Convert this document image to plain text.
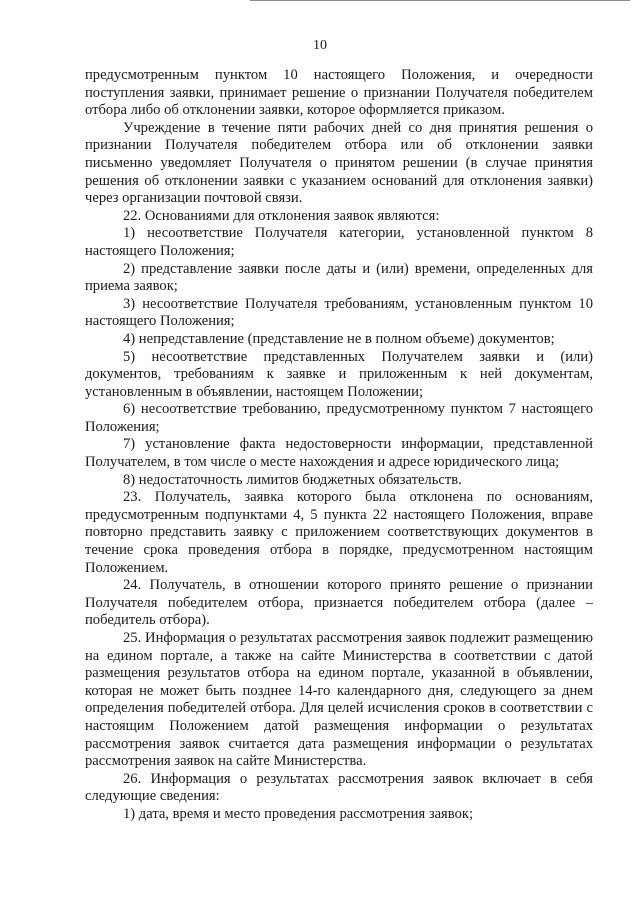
10

предусмотренным пунктом 10 настоящего Положения, и очередности поступления заявки, принимает решение о признании Получателя победителем отбора либо об отклонении заявки, которое оформляется приказом.

Учреждение в течение пяти рабочих дней со дня принятия решения о признании Получателя победителем отбора или об отклонении заявки письменно уведомляет Получателя о принятом решении (в случае принятия решения об отклонении заявки с указанием оснований для отклонения заявки) через организации почтовой связи.

22. Основаниями для отклонения заявок являются:

1) несоответствие Получателя категории, установленной пунктом 8 настоящего Положения;

2) представление заявки после даты и (или) времени, определенных для приема заявок;

3) несоответствие Получателя требованиям, установленным пунктом 10 настоящего Положения;

4) непредставление (представление не в полном объеме) документов;

5) несоответствие представленных Получателем заявки и (или) документов, требованиям к заявке и приложенным к ней документам, установленным в объявлении, настоящем Положении;

6) несоответствие требованию, предусмотренному пунктом 7 настоящего Положения;

7) установление факта недостоверности информации, представленной Получателем, в том числе о месте нахождения и адресе юридического лица;

8) недостаточность лимитов бюджетных обязательств.

23. Получатель, заявка которого была отклонена по основаниям, предусмотренным подпунктами 4, 5 пункта 22 настоящего Положения, вправе повторно представить заявку с приложением соответствующих документов в течение срока проведения отбора в порядке, предусмотренном настоящим Положением.

24. Получатель, в отношении которого принято решение о признании Получателя победителем отбора, признается победителем отбора (далее – победитель отбора).

25. Информация о результатах рассмотрения заявок подлежит размещению на едином портале, а также на сайте Министерства в соответствии с датой размещения результатов отбора на едином портале, указанной в объявлении, которая не может быть позднее 14-го календарного дня, следующего за днем определения победителей отбора. Для целей исчисления сроков в соответствии с настоящим Положением датой размещения информации о результатах рассмотрения заявок считается дата размещения информации о результатах рассмотрения заявок на сайте Министерства.

26. Информация о результатах рассмотрения заявок включает в себя следующие сведения:

1) дата, время и место проведения рассмотрения заявок;
